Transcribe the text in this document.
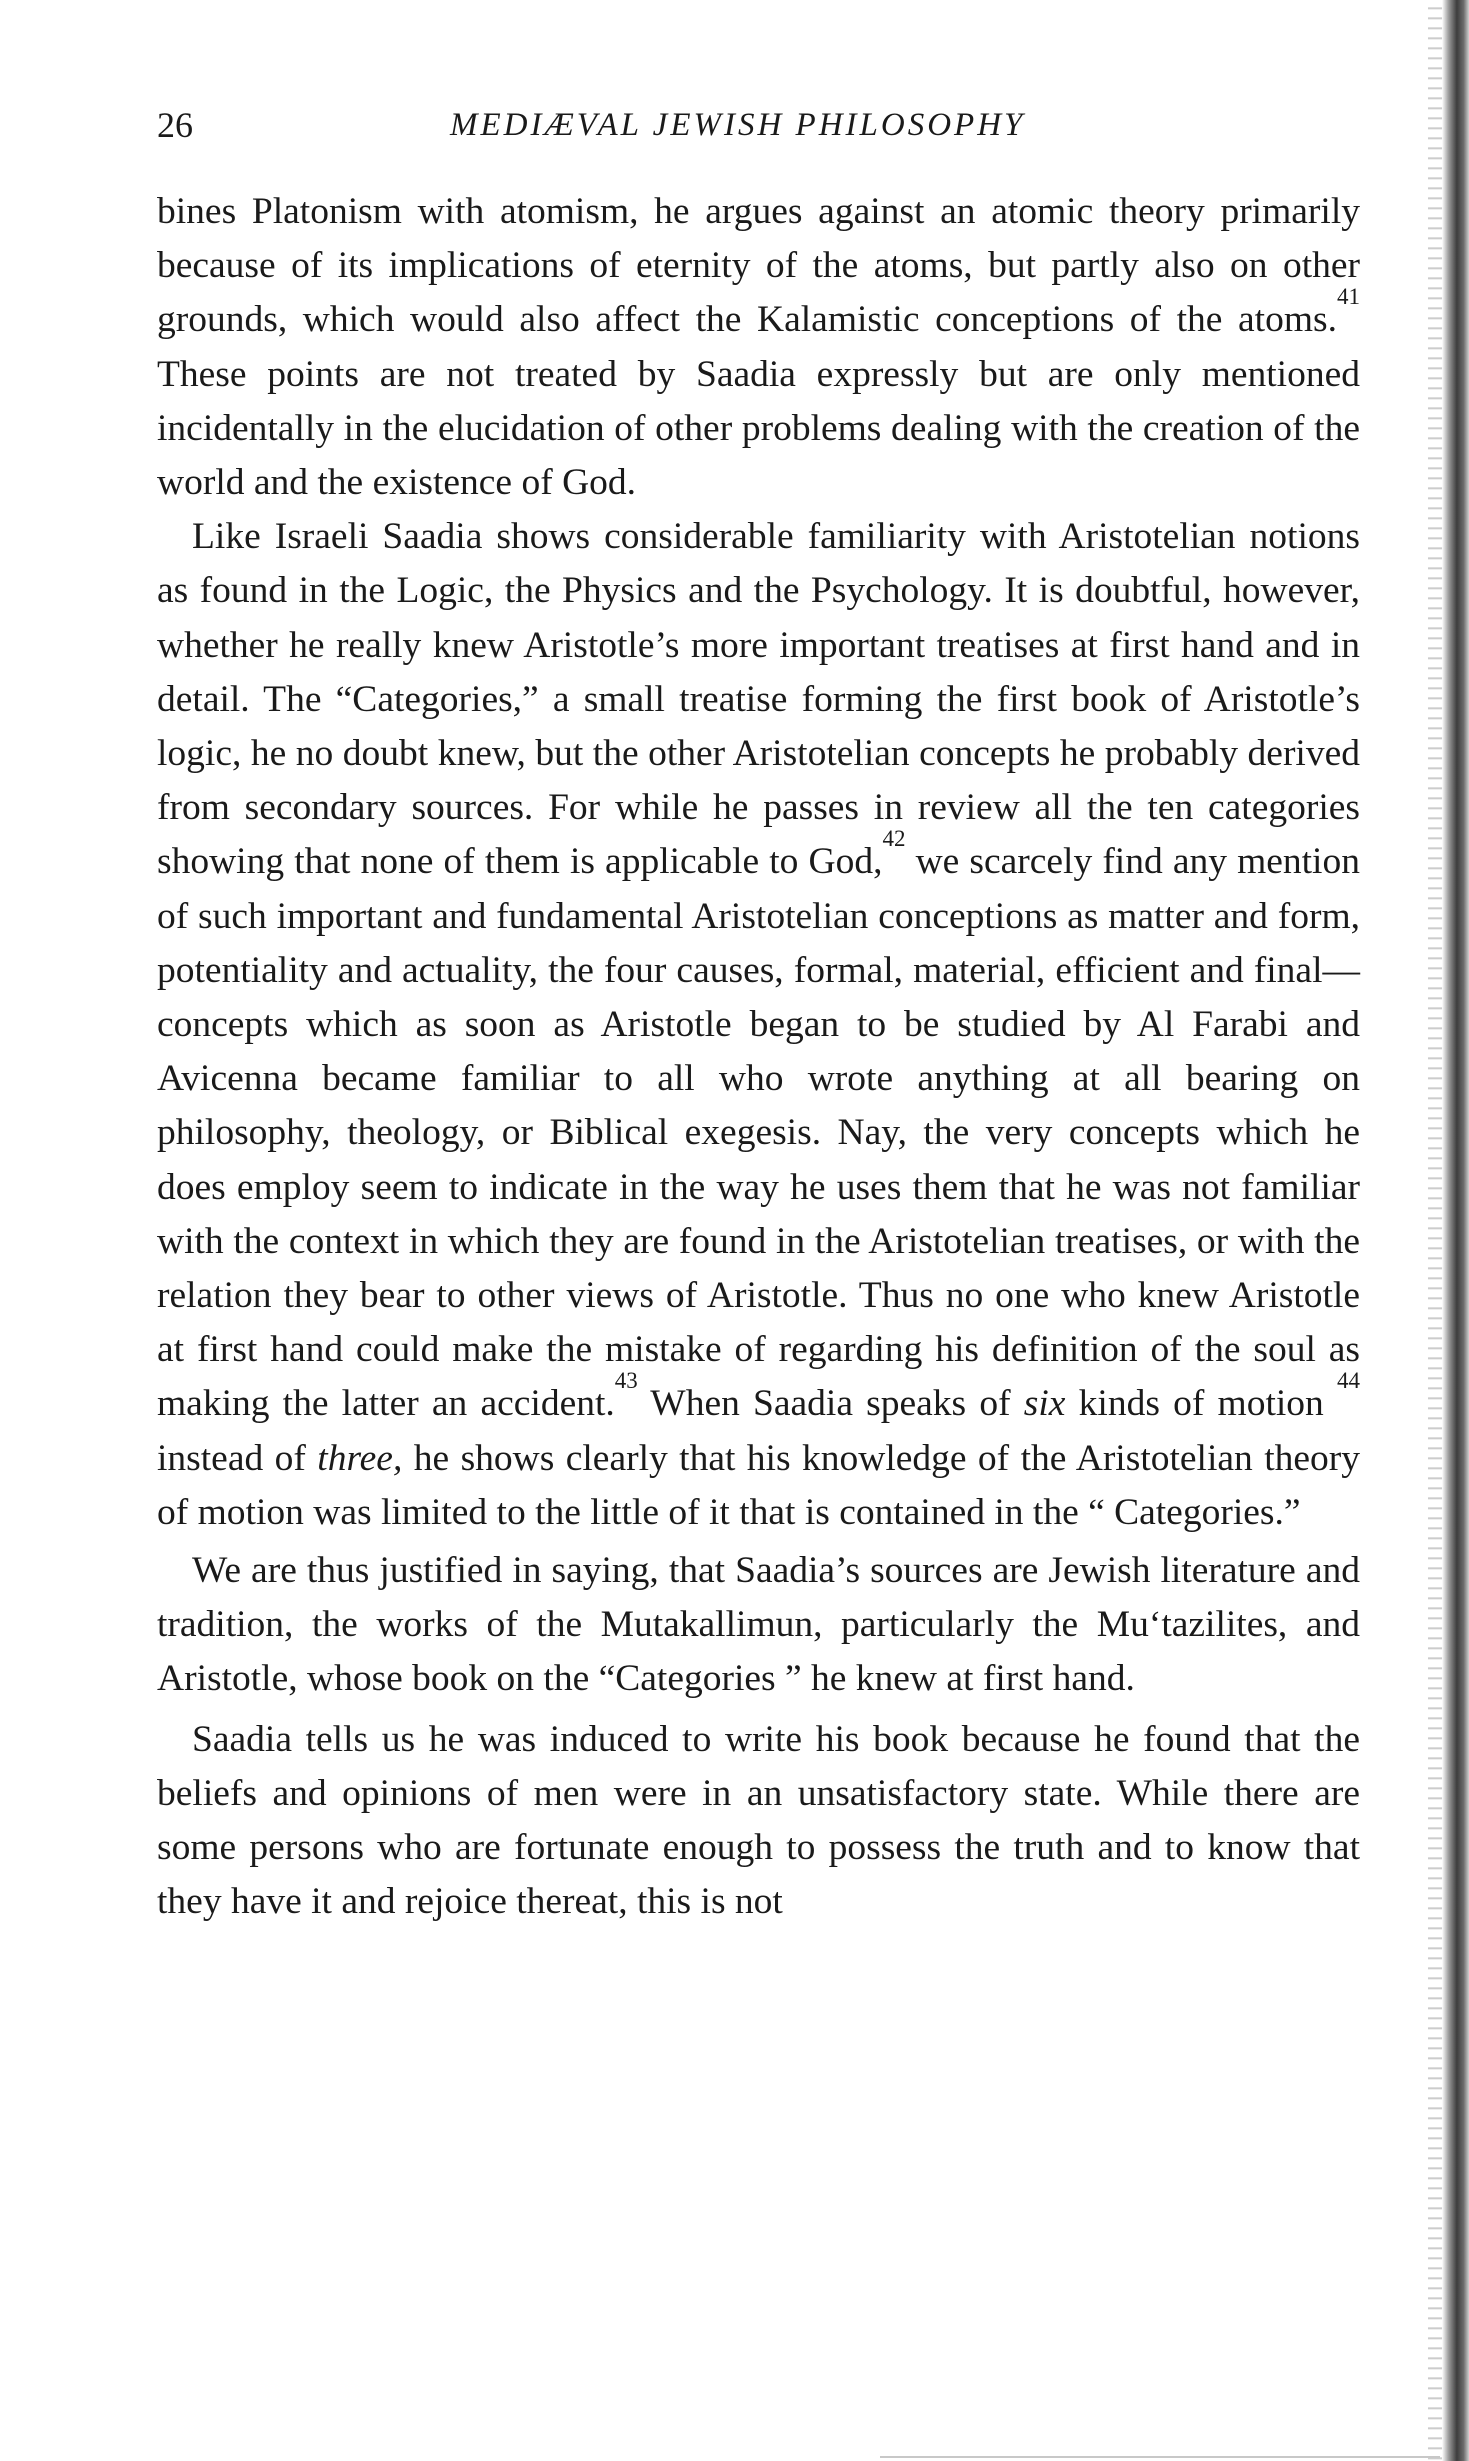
26	MEDIÆVAL JEWISH PHILOSOPHY

bines Platonism with atomism, he argues against an atomic theory primarily because of its implications of eternity of the atoms, but partly also on other grounds, which would also affect the Kalamistic conceptions of the atoms.$^{41}$ These points are not treated by Saadia expressly but are only mentioned incidentally in the elucidation of other problems dealing with the creation of the world and the existence of God.

Like Israeli Saadia shows considerable familiarity with Aristotelian notions as found in the Logic, the Physics and the Psychology. It is doubtful, however, whether he really knew Aristotle’s more important treatises at first hand and in detail. The “Categories,” a small treatise forming the first book of Aristotle’s logic, he no doubt knew, but the other Aristotelian concepts he probably derived from secondary sources. For while he passes in review all the ten categories showing that none of them is applicable to God,$^{42}$ we scarcely find any mention of such important and fundamental Aristotelian conceptions as matter and form, potentiality and actuality, the four causes, formal, material, efficient and final—concepts which as soon as Aristotle began to be studied by Al Farabi and Avicenna became familiar to all who wrote anything at all bearing on philosophy, theology, or Biblical exegesis. Nay, the very concepts which he does employ seem to indicate in the way he uses them that he was not familiar with the context in which they are found in the Aristotelian treatises, or with the relation they bear to other views of Aristotle. Thus no one who knew Aristotle at first hand could make the mistake of regarding his definition of the soul as making the latter an accident.$^{43}$ When Saadia speaks of six kinds of motion $^{44}$ instead of three, he shows clearly that his knowledge of the Aristotelian theory of motion was limited to the little of it that is contained in the “ Categories.”

We are thus justified in saying, that Saadia’s sources are Jewish literature and tradition, the works of the Mutakallimun, particularly the Mu‘tazilites, and Aristotle, whose book on the “Categories ” he knew at first hand.

Saadia tells us he was induced to write his book because he found that the beliefs and opinions of men were in an unsatisfactory state. While there are some persons who are fortunate enough to possess the truth and to know that they have it and rejoice thereat, this is not
